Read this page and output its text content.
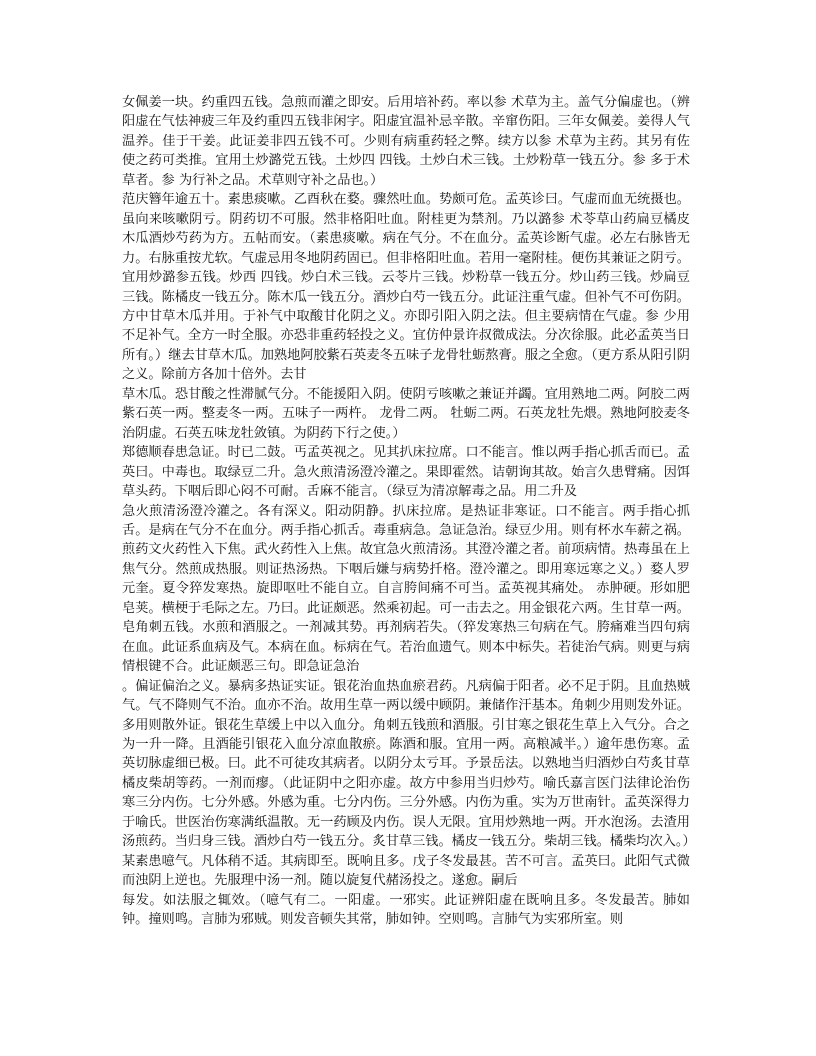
女佩姜一块。约重四五钱。急煎而灌之即安。后用培补药。率以参 术草为主。盖气分偏虚也。（辨阳虚在气怯神疲三年及约重四五钱非闲字。阳虚宜温补忌辛散。辛窜伤阳。三年女佩姜。姜得人气温养。佳于干姜。此证姜非四五钱不可。少则有病重药轻之弊。续方以参 术草为主药。其另有佐使之药可类推。宜用土炒潞党五钱。土炒四 四钱。土炒白术三钱。土炒粉草一钱五分。参 多于术草者。参 为行补之品。术草则守补之品也。）

范庆簪年逾五十。素患痰嗽。乙酉秋在婺。骤然吐血。势颇可危。孟英诊曰。气虚而血无统摄也。虽向来咳嗽阴亏。阴药切不可服。然非格阳吐血。附桂更为禁剂。乃以潞参 术苓草山药扁豆橘皮木瓜酒炒芍药为方。五帖而安。（素患痰嗽。病在气分。不在血分。孟英诊断气虚。必左右脉皆无力。右脉重按尤软。气虚忌用冬地阴药固已。但非格阳吐血。若用一毫附桂。便伤其兼证之阴亏。宜用炒潞参五钱。炒西 四钱。炒白术三钱。云苓片三钱。炒粉草一钱五分。炒山药三钱。炒扁豆三钱。陈橘皮一钱五分。陈木瓜一钱五分。酒炒白芍一钱五分。此证注重气虚。但补气不可伤阴。方中甘草木瓜并用。于补气中取酸甘化阴之义。亦即引阳入阴之法。但主要病情在气虚。参 少用不足补气。全方一时全服。亦恐非重药轻投之义。宜仿仲景许叔微成法。分次徐服。此必孟英当日所有。）继去甘草木瓜。加熟地阿胶紫石英麦冬五味子龙骨牡蛎熬膏。服之全愈。（更方系从阳引阴之义。除前方各加十倍外。去甘

草木瓜。恐甘酸之性滞腻气分。不能援阳入阴。使阴亏咳嗽之兼证并蠲。宜用熟地二两。阿胶二两 紫石英一两。整麦冬一两。五味子一两杵。 龙骨二两。 牡蛎二两。石英龙牡先煨。熟地阿胶麦冬治阴虚。石英五味龙牡敛镇。为阴药下行之使。）

郑德顺春患急证。时已二鼓。丐孟英视之。见其扒床拉席。口不能言。惟以两手指心抓舌而已。孟英曰。中毒也。取绿豆二升。急火煎清汤澄冷灌之。果即霍然。诘朝询其故。始言久患臂痛。因饵草头药。下咽后即心闷不可耐。舌麻不能言。（绿豆为清凉解毒之品。用二升及

急火煎清汤澄冷灌之。各有深义。阳动阴静。扒床拉席。是热证非寒证。口不能言。两手指心抓舌。是病在气分不在血分。两手指心抓舌。毒重病急。急证急治。绿豆少用。则有杯水车薪之祸。煎药文火药性入下焦。武火药性入上焦。故宜急火煎清汤。其澄冷灌之者。前项病情。热毒虽在上焦气分。然煎成热服。则证热汤热。下咽后嫌与病势扦格。澄冷灌之。即用寒远寒之义。）婺人罗元奎。夏令猝发寒热。旋即呕吐不能自立。自言胯间痛不可当。孟英视其痛处。 赤肿硬。形如肥皂荚。横梗于毛际之左。乃曰。此证颇恶。然乘初起。可一击去之。用金银花六两。生甘草一两。皂角刺五钱。水煎和酒服之。一剂减其势。再剂病若失。（猝发寒热三句病在气。胯痛难当四句病在血。此证系血病及气。本病在血。标病在气。若治血遗气。则本中标失。若徒治气病。则更与病情根键不合。此证颇恶三句。即急证急治

。偏证偏治之义。暴病多热证实证。银花治血热血瘀君药。凡病偏于阳者。必不足于阴。且血热贼气。气不降则气不治。血亦不治。故用生草一两以缓中顾阴。兼储作汗基本。角刺少用则发外证。多用则散外证。银花生草缓上中以入血分。角刺五钱煎和酒服。引甘寒之银花生草上入气分。合之为一升一降。且酒能引银花入血分凉血散瘀。陈酒和服。宜用一两。高粮减半。）逾年患伤寒。孟英切脉虚细已极。曰。此不可徒攻其病者。以阴分太亏耳。予景岳法。以熟地当归酒炒白芍炙甘草橘皮柴胡等药。一剂而瘳。（此证阴中之阳亦虚。故方中参用当归炒芍。喻氏嘉言医门法律论治伤寒三分内伤。七分外感。外感为重。七分内伤。三分外感。内伤为重。实为万世南针。孟英深得力于喻氏。世医治伤寒满纸温散。无一药顾及内伤。误人无限。宜用炒熟地一两。开水泡汤。去渣用汤煎药。当归身三钱。酒炒白芍一钱五分。炙甘草三钱。橘皮一钱五分。柴胡三钱。橘柴均次入。）

某素患噫气。凡体稍不适。其病即至。既响且多。戊子冬发最甚。苦不可言。孟英曰。此阳气式微而浊阴上逆也。先服理中汤一剂。随以旋复代赭汤投之。遂愈。嗣后

每发。如法服之辄效。（噫气有二。一阳虚。一邪实。此证辨阳虚在既响且多。冬发最苦。肺如钟。撞则鸣。言肺为邪贼。则发音顿失其常，肺如钟。空则鸣。言肺气为实邪所室。则
